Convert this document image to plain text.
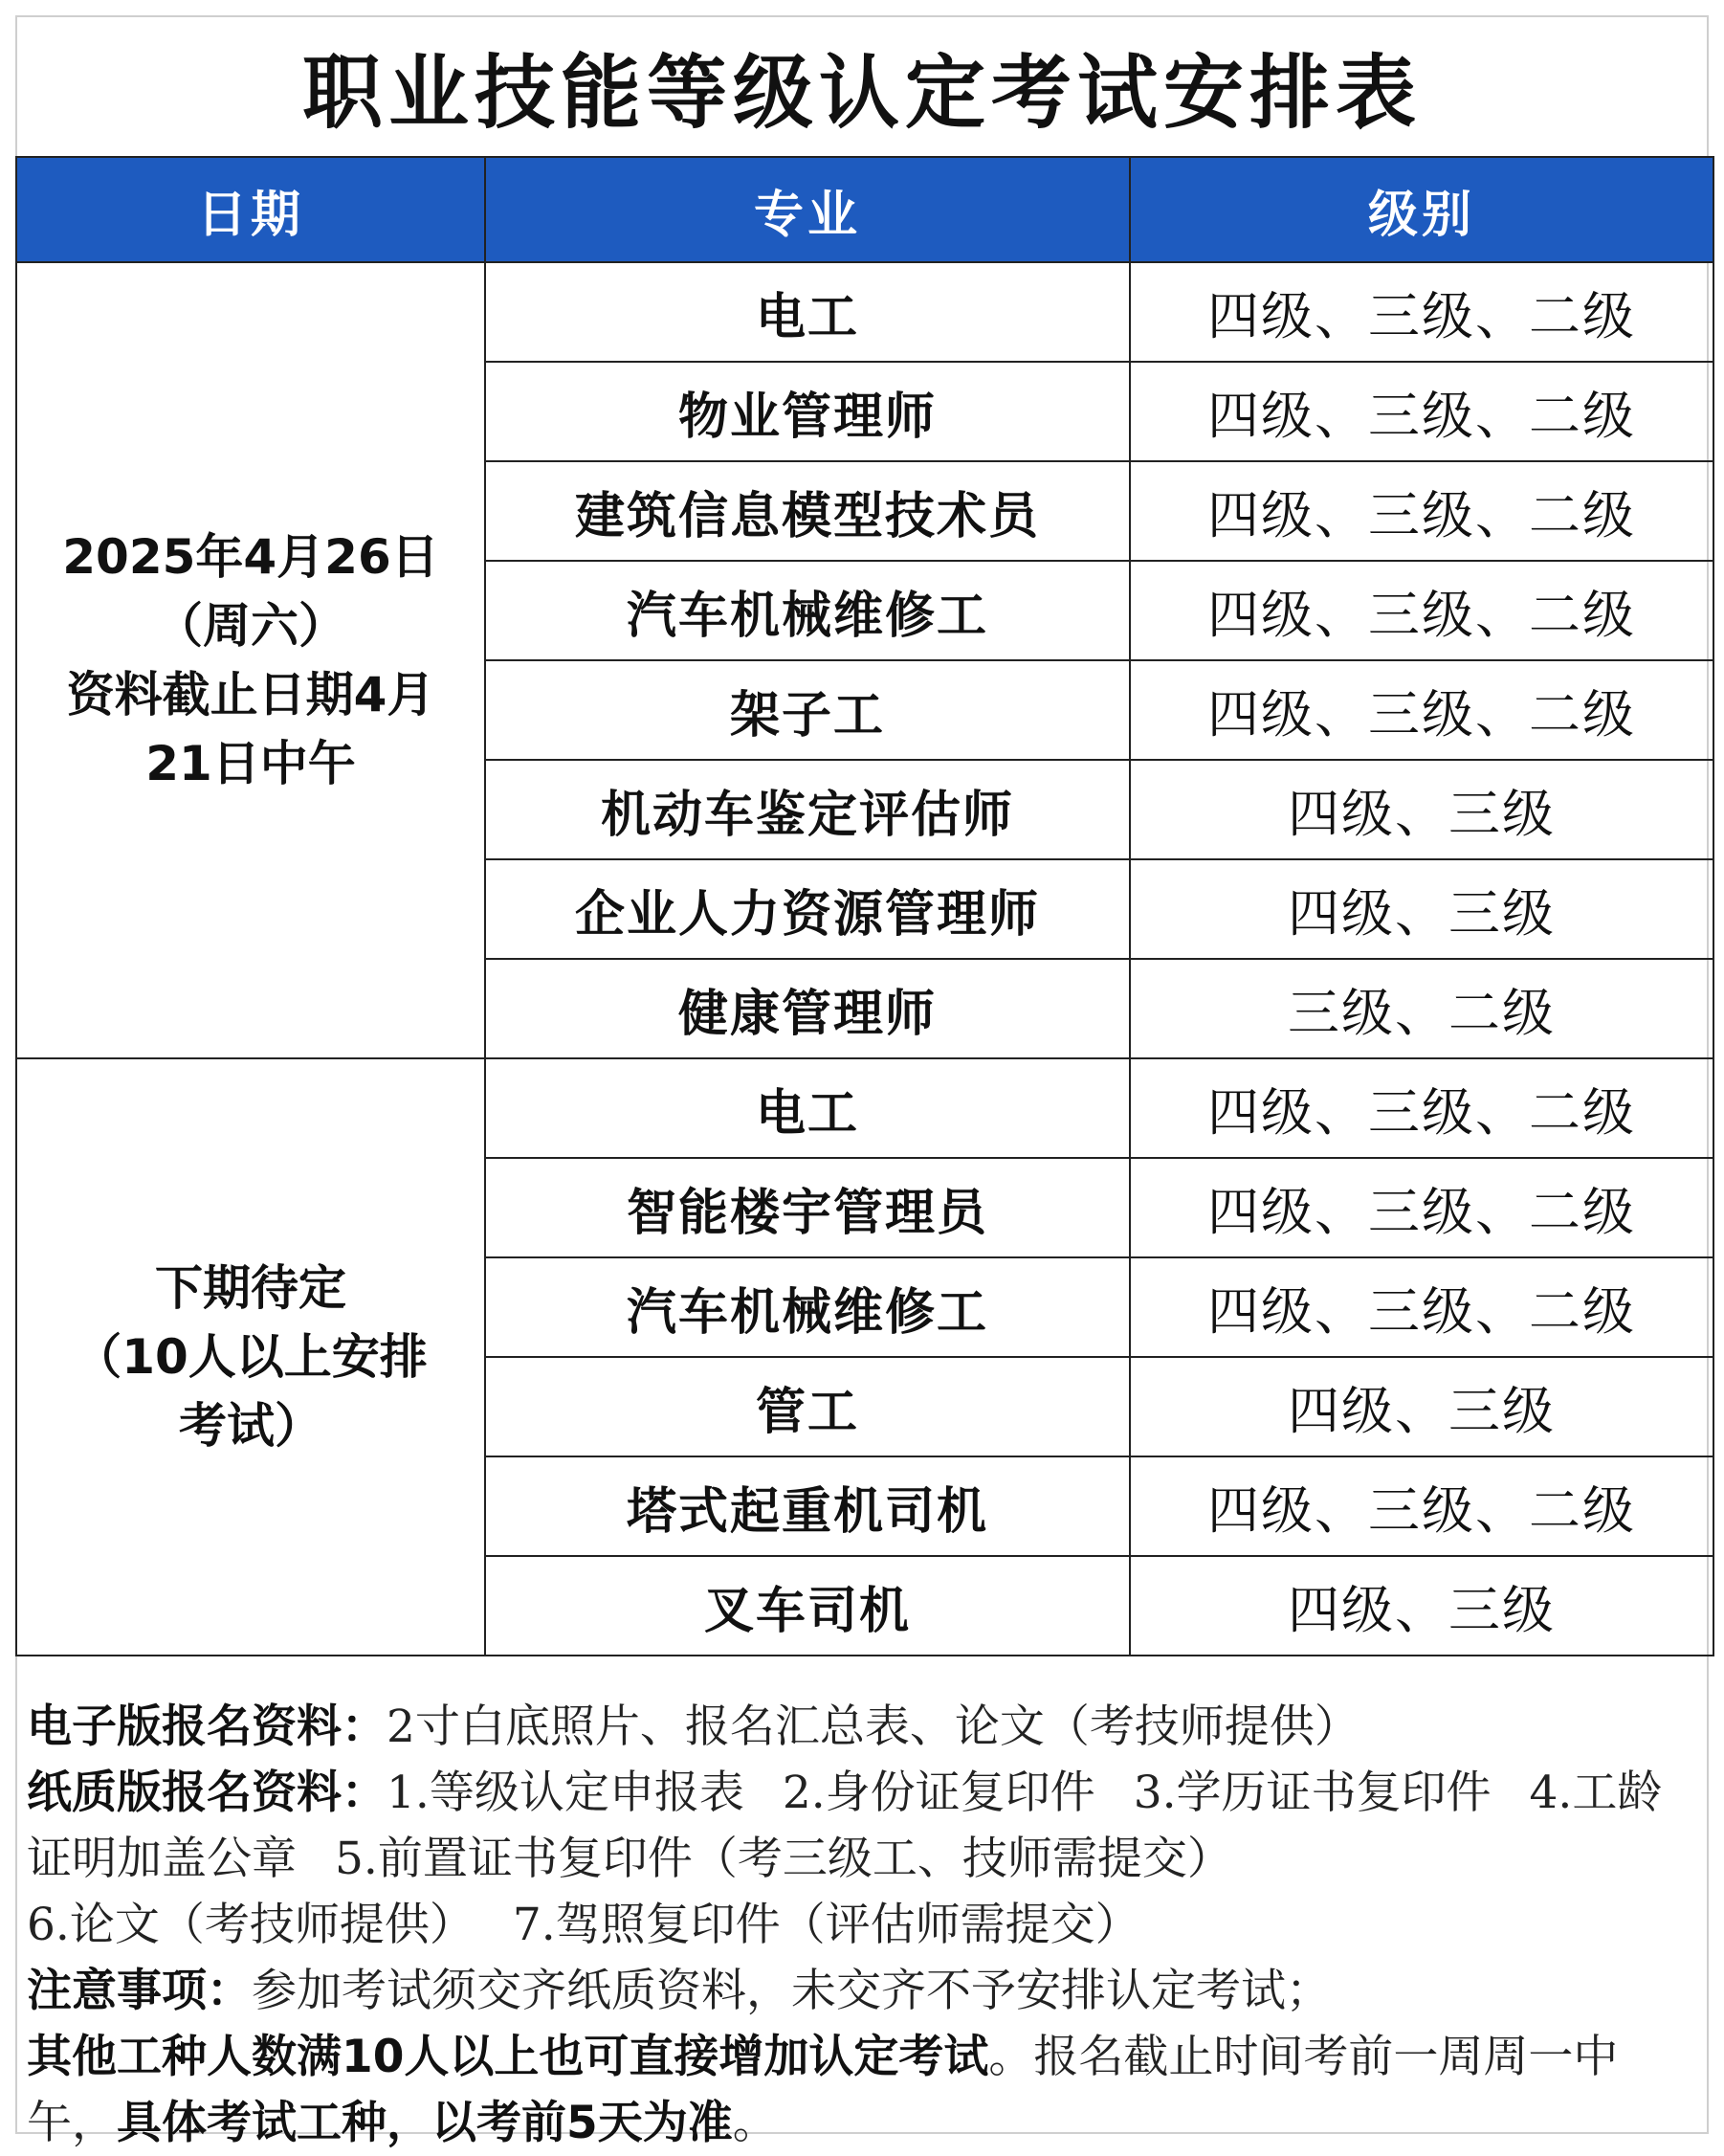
职业技能等级认定考试安排表
日期	专业	级别

2025年4月26日
（周六）
资料截止日期4月
21日中午	电工	四级、三级、二级
	物业管理师	四级、三级、二级
	建筑信息模型技术员	四级、三级、二级
	汽车机械维修工	四级、三级、二级
	架子工	四级、三级、二级
	机动车鉴定评估师	四级、三级
	企业人力资源管理师	四级、三级
	健康管理师	三级、二级

下期待定
（10人以上安排
考试）	电工	四级、三级、二级
	智能楼宇管理员	四级、三级、二级
	汽车机械维修工	四级、三级、二级
	管工	四级、三级
	塔式起重机司机	四级、三级、二级
	叉车司机	四级、三级
电子版报名资料：2寸白底照片、报名汇总表、论文（考技师提供）
纸质版报名资料：1.等级认定申报表 2.身份证复印件 3.学历证书复印件 4.工龄证明加盖公章 5.前置证书复印件（考三级工、技师需提交）6.论文（考技师提供） 7.驾照复印件（评估师需提交）
注意事项：参加考试须交齐纸质资料，未交齐不予安排认定考试；
其他工种人数满10人以上也可直接增加认定考试。报名截止时间考前一周周一中午，具体考试工种，以考前5天为准。
